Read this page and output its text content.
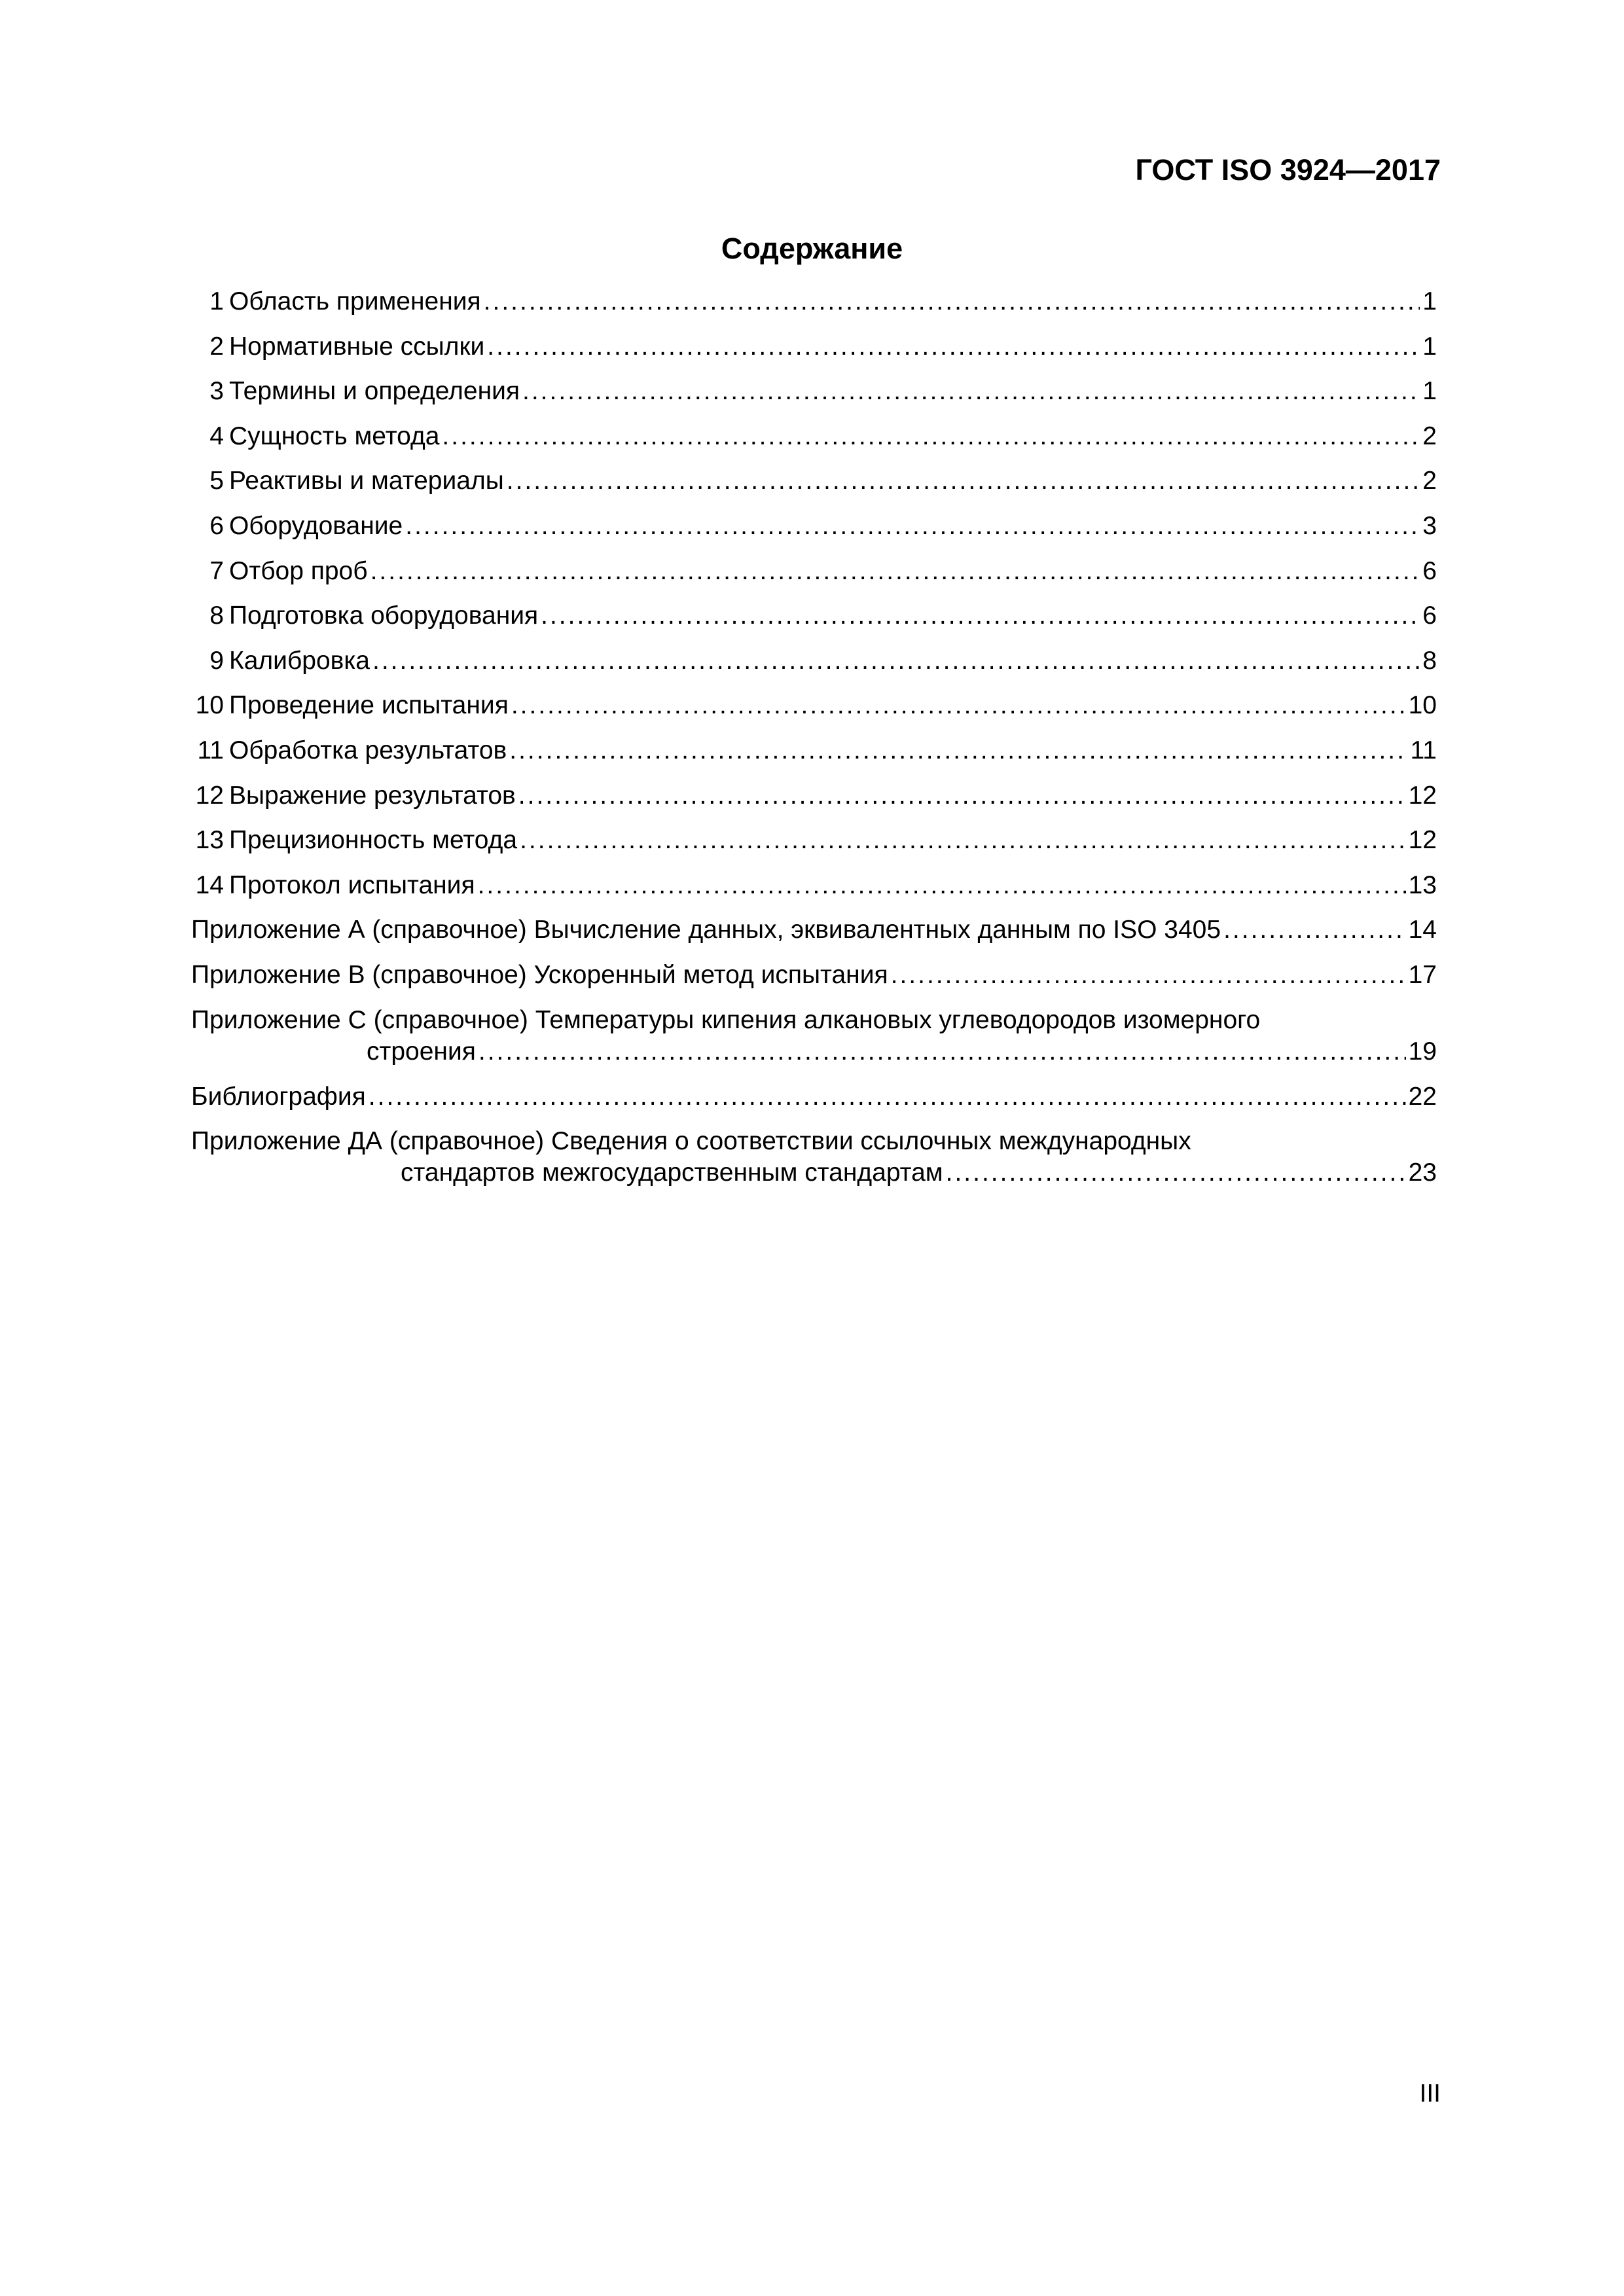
ГОСТ ISO 3924—2017
Содержание
1 Область применения .....	1
2 Нормативные ссылки .....	1
3 Термины и определения .....	1
4 Сущность метода .....	2
5 Реактивы и материалы .....	2
6 Оборудование .....	3
7 Отбор проб .....	6
8 Подготовка оборудования .....	6
9 Калибровка .....	8
10 Проведение испытания .....	10
11 Обработка результатов .....	11
12 Выражение результатов .....	12
13 Прецизионность метода .....	12
14 Протокол испытания .....	13
Приложение А (справочное) Вычисление данных, эквивалентных данным по ISO 3405 .....	14
Приложение В (справочное) Ускоренный метод испытания .....	17
Приложение С (справочное) Температуры кипения алкановых углеводородов изомерного
строения .....	19
Библиография .....	22
Приложение ДА (справочное) Сведения о соответствии ссылочных международных
стандартов межгосударственным стандартам .....	23
III
